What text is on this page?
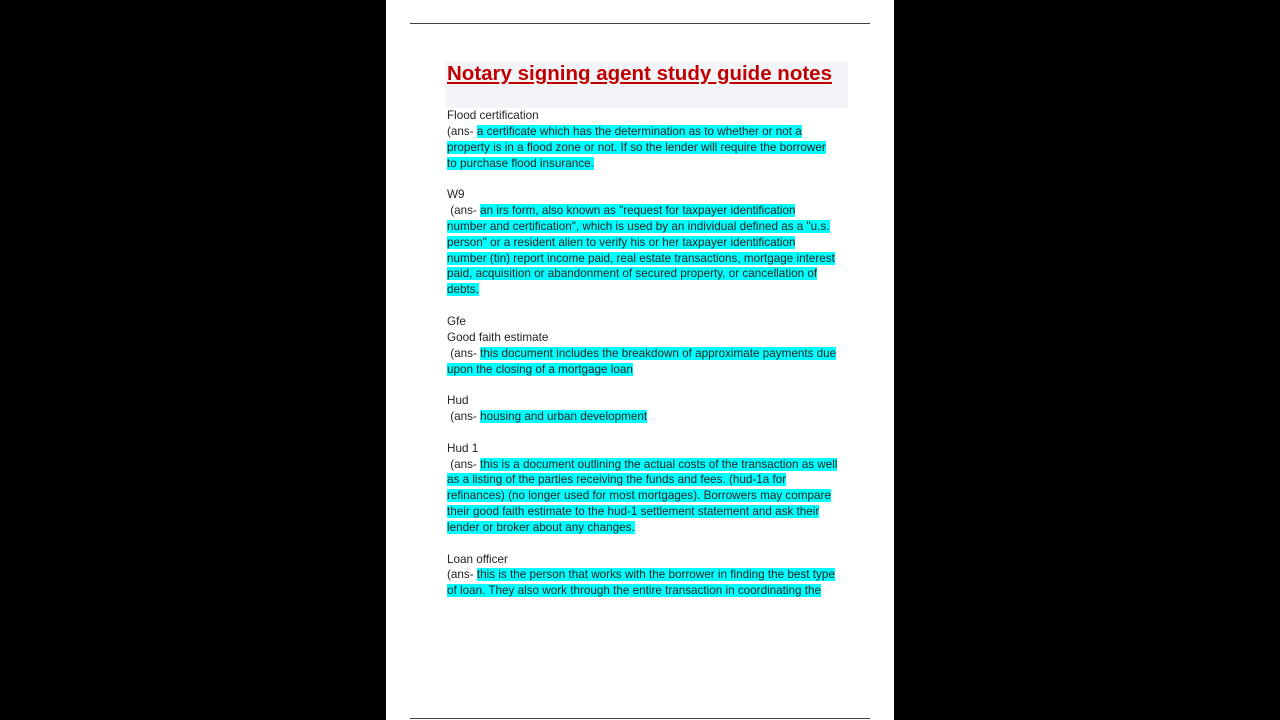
Notary signing agent study guide notes
Flood certification
(ans- a certificate which has the determination as to whether or not a
property is in a flood zone or not. If so the lender will require the borrower
to purchase flood insurance.
W9
(ans- an irs form, also known as "request for taxpayer identification
number and certification", which is used by an individual defined as a "u.s.
person" or a resident alien to verify his or her taxpayer identification
number (tin) report income paid, real estate transactions, mortgage interest
paid, acquisition or abandonment of secured property, or cancellation of
debts.
Gfe
Good faith estimate
(ans- this document includes the breakdown of approximate payments due
upon the closing of a mortgage loan
Hud
(ans- housing and urban development
Hud 1
(ans- this is a document outlining the actual costs of the transaction as well
as a listing of the parties receiving the funds and fees. (hud-1a for
refinances) (no longer used for most mortgages). Borrowers may compare
their good faith estimate to the hud-1 settlement statement and ask their
lender or broker about any changes.
Loan officer
(ans- this is the person that works with the borrower in finding the best type
of loan. They also work through the entire transaction in coordinating the
